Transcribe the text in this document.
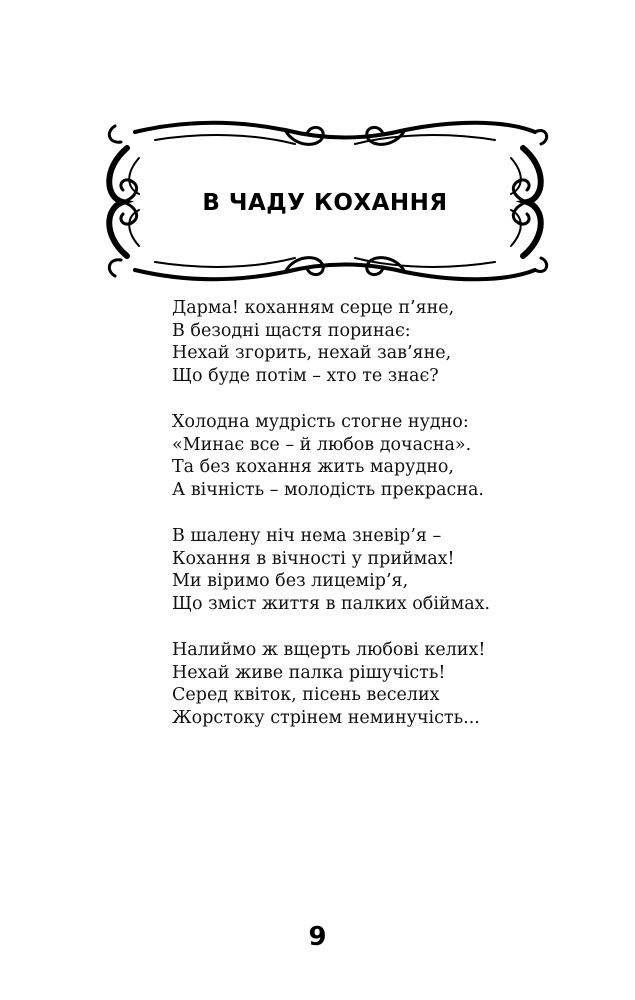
В ЧАДУ КОХАННЯ
Дарма! коханням серце п’яне,
В безодні щастя поринає:
Нехай згорить, нехай зав’яне,
Що буде потім – хто те знає?
Холодна мудрість стогне нудно:
«Минає все – й любов дочасна».
Та без кохання жить марудно,
А вічність – молодість прекрасна.
В шалену ніч нема зневір’я –
Кохання в вічності у приймах!
Ми віримо без лицемір’я,
Що зміст життя в палких обіймах.
Налиймо ж вщерть любові келих!
Нехай живе палка рішучість!
Серед квіток, пісень веселих
Жорстоку стрінем неминучість...
9
